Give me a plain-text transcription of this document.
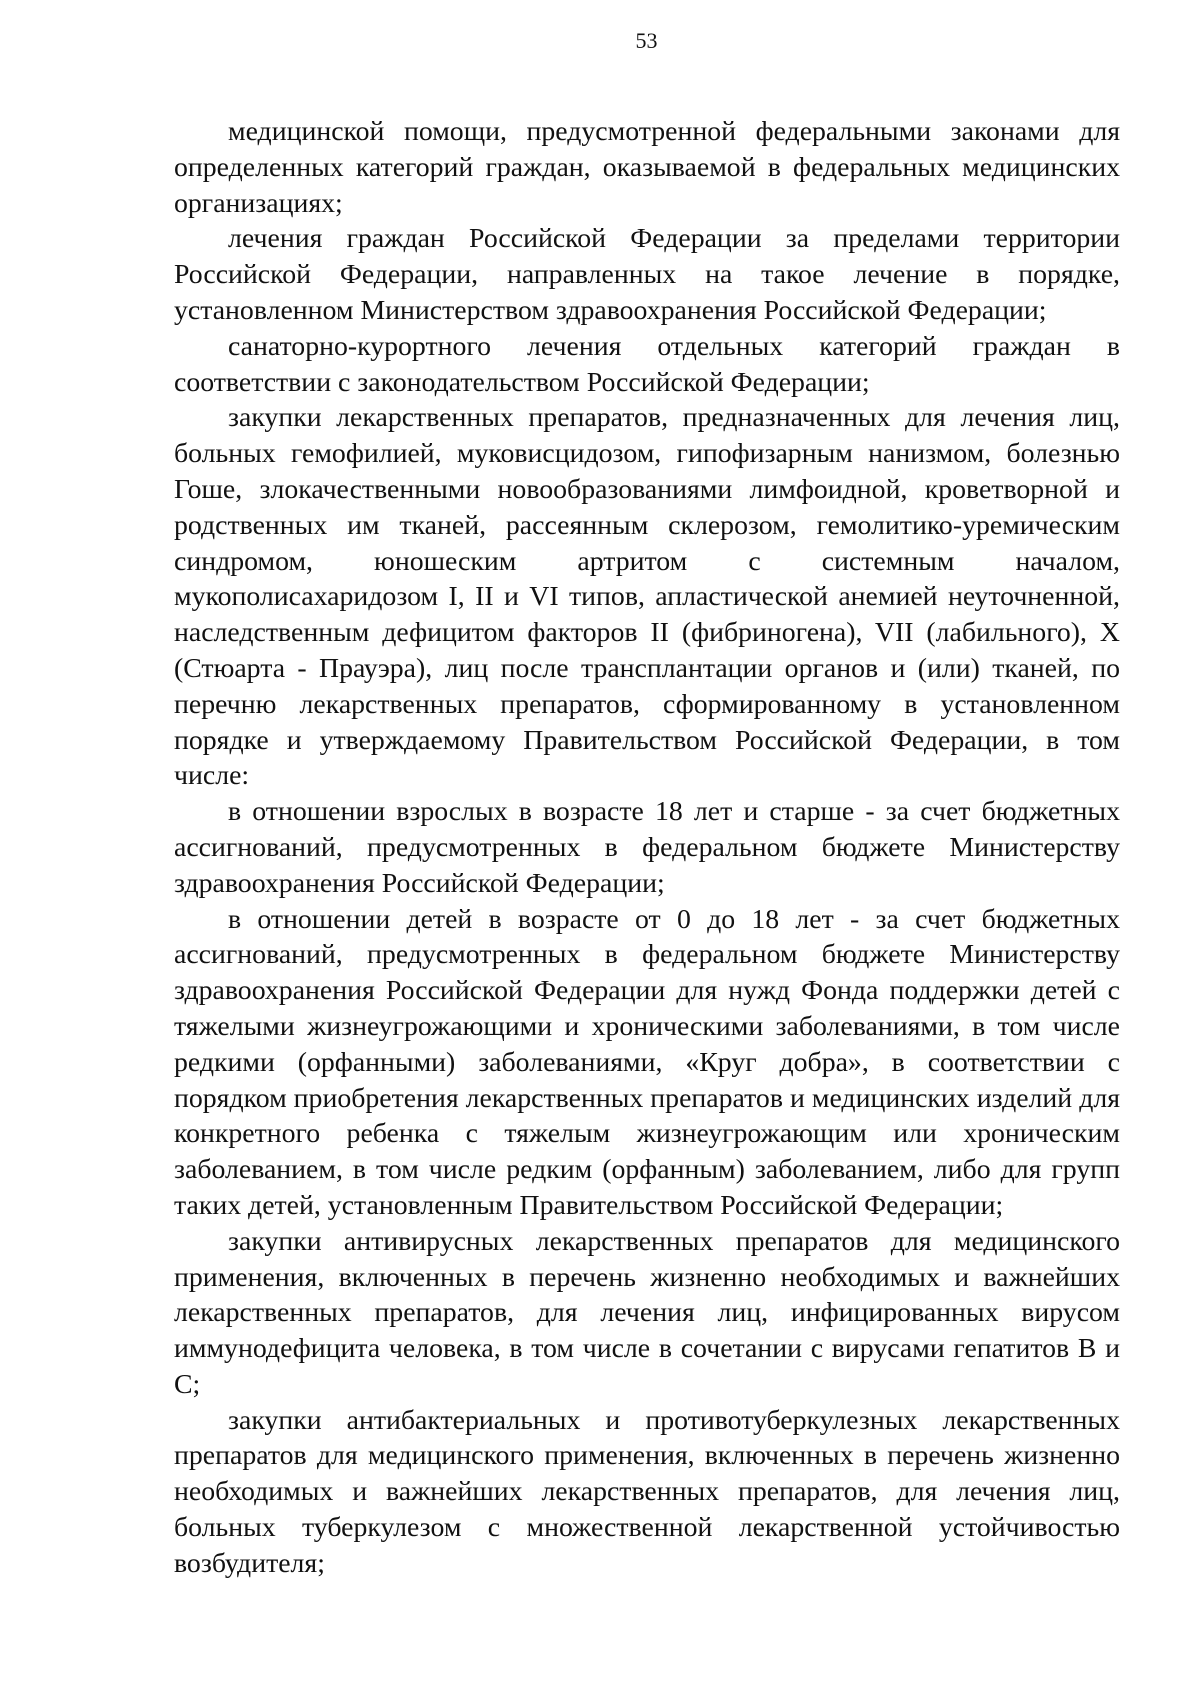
53

медицинской помощи, предусмотренной федеральными законами для определенных категорий граждан, оказываемой в федеральных медицинских организациях;

лечения граждан Российской Федерации за пределами территории Российской Федерации, направленных на такое лечение в порядке, установленном Министерством здравоохранения Российской Федерации;

санаторно-курортного лечения отдельных категорий граждан в соответствии с законодательством Российской Федерации;

закупки лекарственных препаратов, предназначенных для лечения лиц, больных гемофилией, муковисцидозом, гипофизарным нанизмом, болезнью Гоше, злокачественными новообразованиями лимфоидной, кроветворной и родственных им тканей, рассеянным склерозом, гемолитико-уремическим синдромом, юношеским артритом с системным началом, мукополисахаридозом I, II и VI типов, апластической анемией неуточненной, наследственным дефицитом факторов II (фибриногена), VII (лабильного), X (Стюарта - Прауэра), лиц после трансплантации органов и (или) тканей, по перечню лекарственных препаратов, сформированному в установленном порядке и утверждаемому Правительством Российской Федерации, в том числе:

в отношении взрослых в возрасте 18 лет и старше - за счет бюджетных ассигнований, предусмотренных в федеральном бюджете Министерству здравоохранения Российской Федерации;

в отношении детей в возрасте от 0 до 18 лет - за счет бюджетных ассигнований, предусмотренных в федеральном бюджете Министерству здравоохранения Российской Федерации для нужд Фонда поддержки детей с тяжелыми жизнеугрожающими и хроническими заболеваниями, в том числе редкими (орфанными) заболеваниями, «Круг добра», в соответствии с порядком приобретения лекарственных препаратов и медицинских изделий для конкретного ребенка с тяжелым жизнеугрожающим или хроническим заболеванием, в том числе редким (орфанным) заболеванием, либо для групп таких детей, установленным Правительством Российской Федерации;

закупки антивирусных лекарственных препаратов для медицинского применения, включенных в перечень жизненно необходимых и важнейших лекарственных препаратов, для лечения лиц, инфицированных вирусом иммунодефицита человека, в том числе в сочетании с вирусами гепатитов B и C;

закупки антибактериальных и противотуберкулезных лекарственных препаратов для медицинского применения, включенных в перечень жизненно необходимых и важнейших лекарственных препаратов, для лечения лиц, больных туберкулезом с множественной лекарственной устойчивостью возбудителя;
